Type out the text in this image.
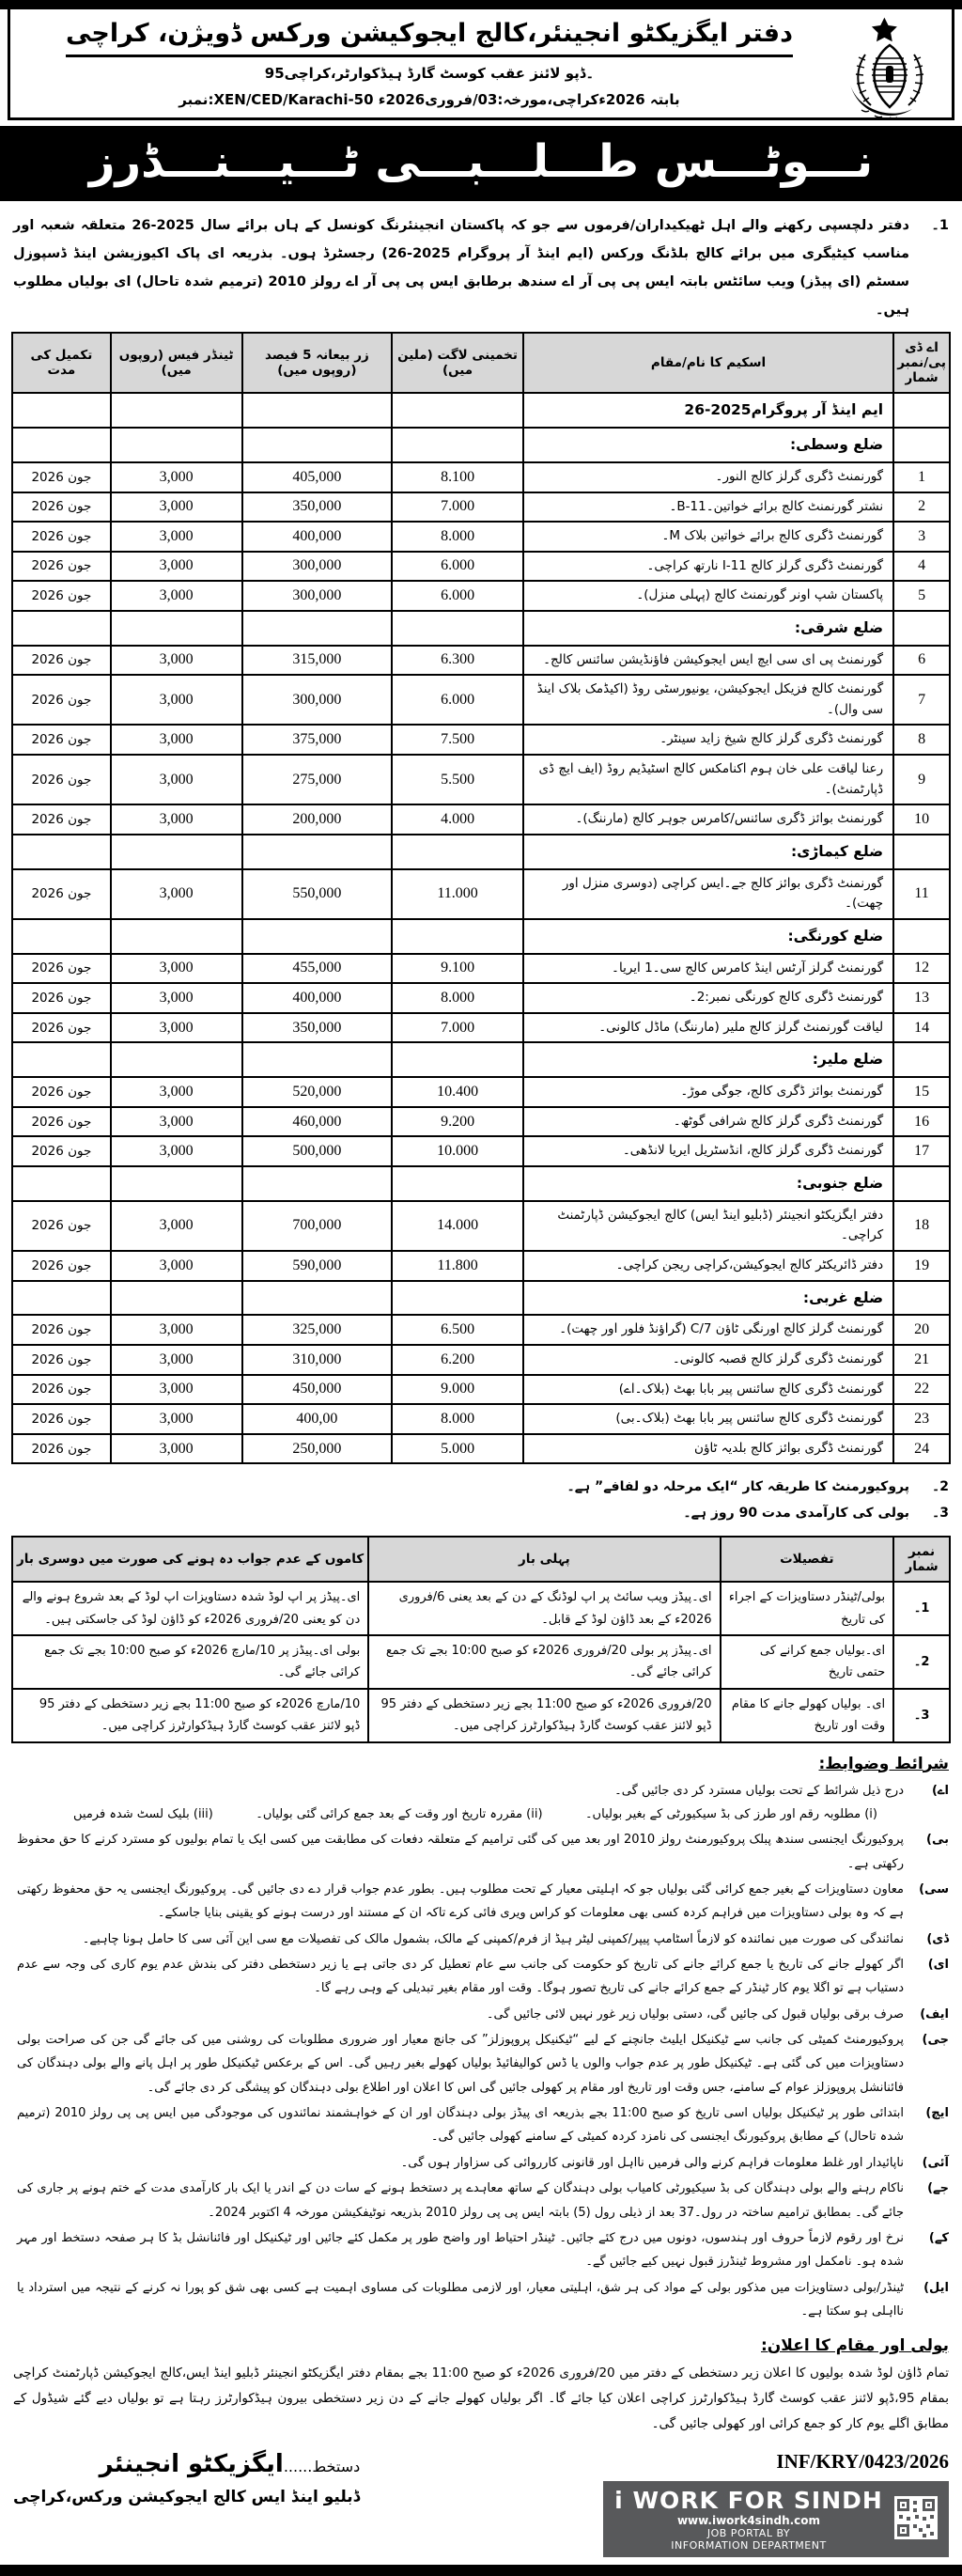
دفتر ایگزیکٹو انجینئر،کالج ایجوکیشن ورکس ڈویژن، کراچی
95۔ڈپو لائنز عقب کوسٹ گارڈ ہیڈکوارٹر،کراچی
نمبر:XEN/CED/Karachi-50 بابتہ 2026ءکراچی،مورخہ:03/فروری2026ء
نـــوٹـــس طـــلـــبـــی ٹـــیـــنـــڈرز
1۔
دفتر دلچسپی رکھنے والے اہل ٹھیکیداران/فرموں سے جو کہ پاکستان انجینئرنگ کونسل کے ہاں برائے سال 2025-26 متعلقہ شعبہ اور مناسب کیٹیگری میں برائے کالج بلڈنگ ورکس (ایم اینڈ آر پروگرام 2025-26) رجسٹرڈ ہوں۔ بذریعہ ای پاک اکیوزیشن اینڈ ڈسپوزل سسٹم (ای پیڈز) ویب سائٹس بابتہ ایس پی پی آر اے سندھ برطابق ایس پی پی آر اے رولز 2010 (ترمیم شدہ تاحال) ای بولیاں مطلوب ہیں۔
اے ڈی پی/نمبر شمار	اسکیم کا نام/مقام	تخمینی لاگت (ملین میں)	زر بیعانہ 5 فیصد (روپوں میں)	ٹینڈر فیس (روپوں میں)	تکمیل کی مدت
	ایم اینڈ آر پروگرام2025-26				
	ضلع وسطی:				
1	گورنمنٹ ڈگری گرلز کالج النور۔	8.100	405,000	3,000	جون 2026
2	نشتر گورنمنٹ کالج برائے خواتین۔B-11۔	7.000	350,000	3,000	جون 2026
3	گورنمنٹ ڈگری کالج برائے خواتین بلاک M۔	8.000	400,000	3,000	جون 2026
4	گورنمنٹ ڈگری گرلز کالج I-11 نارتھ کراچی۔	6.000	300,000	3,000	جون 2026
5	پاکستان شپ اونر گورنمنٹ کالج (پہلی منزل)۔	6.000	300,000	3,000	جون 2026
	ضلع شرقی:				
6	گورنمنٹ پی ای سی ایچ ایس ایجوکیشن فاؤنڈیشن سائنس کالج۔	6.300	315,000	3,000	جون 2026
7	گورنمنٹ کالج فزیکل ایجوکیشن، یونیورسٹی روڈ (اکیڈمک بلاک اینڈ سی وال)۔	6.000	300,000	3,000	جون 2026
8	گورنمنٹ ڈگری گرلز کالج شیخ زاید سینٹر۔	7.500	375,000	3,000	جون 2026
9	رعنا لیاقت علی خان ہوم اکنامکس کالج اسٹیڈیم روڈ (ایف ایچ ڈی ڈپارٹمنٹ)۔	5.500	275,000	3,000	جون 2026
10	گورنمنٹ بوائز ڈگری سائنس/کامرس جوہر کالج (مارننگ)۔	4.000	200,000	3,000	جون 2026
	ضلع کیماڑی:				
11	گورنمنٹ ڈگری بوائز کالج جے۔ایس کراچی (دوسری منزل اور چھت)۔	11.000	550,000	3,000	جون 2026
	ضلع کورنگی:				
12	گورنمنٹ گرلز آرٹس اینڈ کامرس کالج سی۔1 ایریا۔	9.100	455,000	3,000	جون 2026
13	گورنمنٹ ڈگری کالج کورنگی نمبر:2۔	8.000	400,000	3,000	جون 2026
14	لیاقت گورنمنٹ گرلز کالج ملیر (مارننگ) ماڈل کالونی۔	7.000	350,000	3,000	جون 2026
	ضلع ملیر:				
15	گورنمنٹ بوائز ڈگری کالج، جوگی موڑ۔	10.400	520,000	3,000	جون 2026
16	گورنمنٹ ڈگری گرلز کالج شرافی گوٹھ۔	9.200	460,000	3,000	جون 2026
17	گورنمنٹ ڈگری گرلز کالج، انڈسٹریل ایریا لانڈھی۔	10.000	500,000	3,000	جون 2026
	ضلع جنوبی:				
18	دفتر ایگزیکٹو انجینئر (ڈبلیو اینڈ ایس) کالج ایجوکیشن ڈپارٹمنٹ کراچی۔	14.000	700,000	3,000	جون 2026
19	دفتر ڈائریکٹر کالج ایجوکیشن،کراچی ریجن کراچی۔	11.800	590,000	3,000	جون 2026
	ضلع غربی:				
20	گورنمنٹ گرلز کالج اورنگی ٹاؤن 7/C (گراؤنڈ فلور اور چھت)۔	6.500	325,000	3,000	جون 2026
21	گورنمنٹ ڈگری گرلز کالج قصبہ کالونی۔	6.200	310,000	3,000	جون 2026
22	گورنمنٹ ڈگری کالج سائنس پیر بابا بھٹ (بلاک۔اے)	9.000	450,000	3,000	جون 2026
23	گورنمنٹ ڈگری کالج سائنس پیر بابا بھٹ (بلاک۔بی)	8.000	400,00	3,000	جون 2026
24	گورنمنٹ ڈگری بوائز کالج بلدیہ ٹاؤن	5.000	250,000	3,000	جون 2026
2۔
پروکیورمنٹ کا طریقہ کار “ایک مرحلہ دو لفافے” ہے۔
3۔
بولی کی کارآمدی مدت 90 روز ہے۔
نمبر شمار	تفصیلات	پہلی بار	کاموں کے عدم جواب دہ ہونے کی صورت میں دوسری بار
1۔	بولی/ٹینڈر دستاویزات کے اجراء کی تاریخ	ای۔پیڈز ویب سائٹ پر اپ لوڈنگ کے دن کے بعد یعنی 6/فروری 2026ء کے بعد ڈاؤن لوڈ کے قابل۔	ای۔پیڈز پر اپ لوڈ شدہ دستاویزات اپ لوڈ کے بعد شروع ہونے والے دن کو یعنی 20/فروری 2026ء کو ڈاؤن لوڈ کی جاسکتی ہیں۔
2۔	ای۔بولیاں جمع کرانے کی حتمی تاریخ	ای۔پیڈز پر بولی 20/فروری 2026ء کو صبح 10:00 بجے تک جمع کرائی جائے گی۔	بولی ای۔پیڈز پر 10/مارچ 2026ء کو صبح 10:00 بجے تک جمع کرائی جائے گی۔
3۔	ای۔ بولیاں کھولے جانے کا مقام وقت اور تاریخ	20/فروری 2026ء کو صبح 11:00 بجے زیر دستخطی کے دفتر 95 ڈپو لائنز عقب کوسٹ گارڈ ہیڈکوارٹرز کراچی میں۔	10/مارچ 2026ء کو صبح 11:00 بجے زیر دستخطی کے دفتر 95 ڈپو لائنز عقب کوسٹ گارڈ ہیڈکوارٹرز کراچی میں۔
شرائط وضوابط:
اے)
درج ذیل شرائط کے تحت بولیاں مسترد کر دی جائیں گی۔
(i) مطلوبہ رقم اور طرز کی بڈ سیکیورٹی کے بغیر بولیاں۔
(ii) مقررہ تاریخ اور وقت کے بعد جمع کرائی گئی بولیاں۔
(iii) بلیک لسٹ شدہ فرمیں
بی)
پروکیورنگ ایجنسی سندھ پبلک پروکیورمنٹ رولز 2010 اور بعد میں کی گئی ترامیم کے متعلقہ دفعات کی مطابقت میں کسی ایک یا تمام بولیوں کو مسترد کرنے کا حق محفوظ رکھتی ہے۔
سی)
معاون دستاویزات کے بغیر جمع کرائی گئی بولیاں جو کہ اہلیتی معیار کے تحت مطلوب ہیں۔ بطور عدم جواب قرار دے دی جائیں گی۔ پروکیورنگ ایجنسی یہ حق محفوظ رکھتی ہے کہ وہ بولی دستاویزات میں فراہم کردہ کسی بھی معلومات کو کراس ویری فائی کرے تاکہ ان کے مستند اور درست ہونے کو یقینی بنایا جاسکے۔
ڈی)
نمائندگی کی صورت میں نمائندہ کو لازماً اسٹامپ پیپر/کمپنی لیٹر ہیڈ از فرم/کمپنی کے مالک، بشمول مالک کی تفصیلات مع سی این آئی سی کا حامل ہونا چاہیے۔
ای)
اگر کھولے جانے کی تاریخ یا جمع کرائے جانے کی تاریخ کو حکومت کی جانب سے عام تعطیل کر دی جاتی ہے یا زیر دستخطی دفتر کی بندش عدم یوم کاری کی وجہ سے عدم دستیاب ہے تو اگلا یوم کار ٹینڈر کے جمع کرائے جانے کی تاریخ تصور ہوگا۔ وقت اور مقام بغیر تبدیلی کے وہی رہے گا۔
ایف)
صرف برقی بولیاں قبول کی جائیں گی، دستی بولیاں زیر غور نہیں لائی جائیں گی۔
جی)
پروکیورمنٹ کمیٹی کی جانب سے ٹیکنیکل ایلیٹ جانچنے کے لیے “ٹیکنیکل پروپوزلز” کی جانچ معیار اور ضروری مطلوبات کی روشنی میں کی جائے گی جن کی صراحت بولی دستاویزات میں کی گئی ہے۔ ٹیکنیکل طور پر عدم جواب والوں یا ڈس کوالیفائیڈ بولیاں کھولے بغیر رہیں گی۔ اس کے برعکس ٹیکنیکل طور پر اہل پانے والے بولی دہندگان کی فائنانشل پروپوزلز عوام کے سامنے، جس وقت اور تاریخ اور مقام پر کھولی جائیں گی اس کا اعلان اور اطلاع بولی دہندگان کو پیشگی کر دی جائے گی۔
ایچ)
ابتدائی طور پر ٹیکنیکل بولیاں اسی تاریخ کو صبح 11:00 بجے بذریعہ ای پیڈز بولی دہندگان اور ان کے خواہشمند نمائندوں کی موجودگی میں ایس پی پی رولز 2010 (ترمیم شدہ تاحال) کے مطابق پروکیورنگ ایجنسی کی نامزد کردہ کمیٹی کے سامنے کھولی جائیں گی۔
آئی)
ناپائیدار اور غلط معلومات فراہم کرنے والی فرمیں نااہل اور قانونی کارروائی کی سزاوار ہوں گی۔
جے)
ناکام رہنے والے بولی دہندگان کی بڈ سیکیورٹی کامیاب بولی دہندگان کے ساتھ معاہدے پر دستخط ہونے کے سات دن کے اندر یا ایک بار کارآمدی مدت کے ختم ہونے پر جاری کی جائے گی۔ بمطابق ترامیم ساختہ در رول۔37 بعد از ذیلی رول (5) بابتہ ایس پی پی رولز 2010 بذریعہ نوٹیفکیشن مورخہ 4 اکتوبر 2024۔
کے)
نرخ اور رقوم لازماً حروف اور ہندسوں، دونوں میں درج کئے جائیں۔ ٹینڈر احتیاط اور واضح طور پر مکمل کئے جائیں اور ٹیکنیکل اور فائنانشل بڈ کا ہر صفحہ دستخط اور مہر شدہ ہو۔ نامکمل اور مشروط ٹینڈرز قبول نہیں کیے جائیں گے۔
ایل)
ٹینڈر/بولی دستاویزات میں مذکور بولی کے مواد کی ہر شق، اہلیتی معیار، اور لازمی مطلوبات کی مساوی اہمیت ہے کسی بھی شق کو پورا نہ کرنے کے نتیجہ میں استرداد یا نااہلی ہو سکتا ہے۔
بولی اور مقام کا اعلان:
تمام ڈاؤن لوڈ شدہ بولیوں کا اعلان زیر دستخطی کے دفتر میں 20/فروری 2026ء کو صبح 11:00 بجے بمقام دفتر ایگزیکٹو انجینئر ڈبلیو اینڈ ایس،کالج ایجوکیشن ڈپارٹمنٹ کراچی بمقام 95،ڈپو لائنز عقب کوسٹ گارڈ ہیڈکوارٹرز کراچی اعلان کیا جائے گا۔ اگر بولیاں کھولے جانے کے دن زیر دستخطی بیرون ہیڈکوارٹرز رہتا ہے تو بولیاں دیے گئے شیڈول کے مطابق اگلے یوم کار کو جمع کرائی اور کھولی جائیں گی۔
دستخط......ایگزیکٹو انجینئر
ڈبلیو اینڈ ایس کالج ایجوکیشن ورکس،کراچی
INF/KRY/0423/2026
i WORK FOR SINDH
www.iwork4sindh.com
JOB PORTAL BY
INFORMATION DEPARTMENT
